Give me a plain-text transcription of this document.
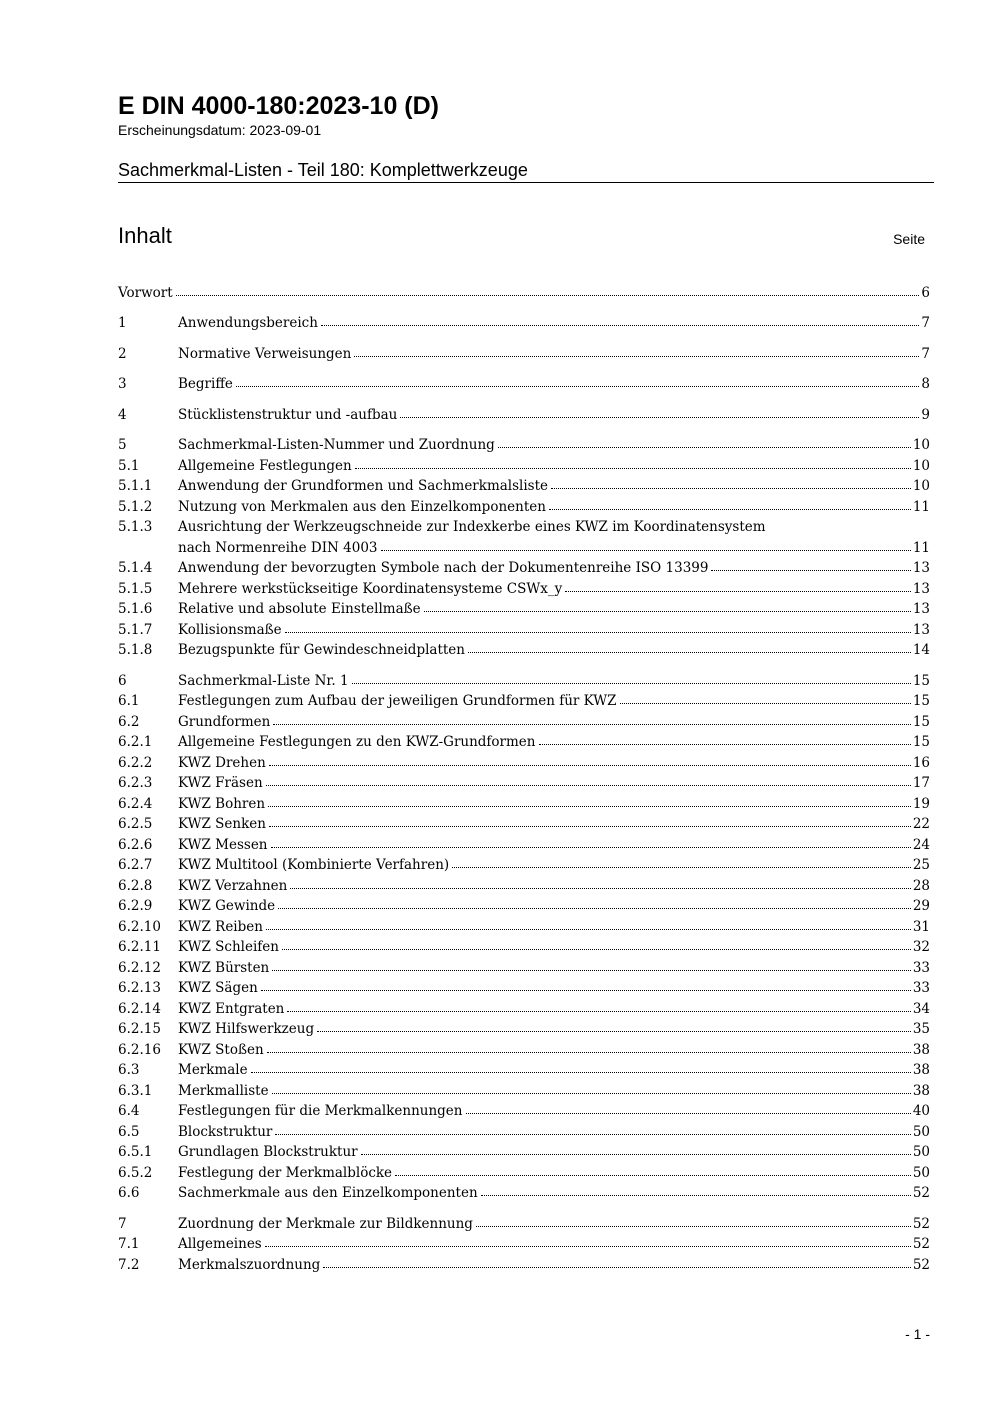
E DIN 4000-180:2023-10 (D)
Erscheinungsdatum: 2023-09-01
Sachmerkmal-Listen - Teil 180: Komplettwerkzeuge
Inhalt	Seite
Vorwort	6
1	Anwendungsbereich	7
2	Normative Verweisungen	7
3	Begriffe	8
4	Stücklistenstruktur und -aufbau	9
5	Sachmerkmal-Listen-Nummer und Zuordnung	10
5.1	Allgemeine Festlegungen	10
5.1.1	Anwendung der Grundformen und Sachmerkmalsliste	10
5.1.2	Nutzung von Merkmalen aus den Einzelkomponenten	11
5.1.3	Ausrichtung der Werkzeugschneide zur Indexkerbe eines KWZ im Koordinatensystem
nach Normenreihe DIN 4003	11
5.1.4	Anwendung der bevorzugten Symbole nach der Dokumentenreihe ISO 13399	13
5.1.5	Mehrere werkstückseitige Koordinatensysteme CSWx_y	13
5.1.6	Relative und absolute Einstellmaße	13
5.1.7	Kollisionsmaße	13
5.1.8	Bezugspunkte für Gewindeschneidplatten	14
6	Sachmerkmal-Liste Nr. 1	15
6.1	Festlegungen zum Aufbau der jeweiligen Grundformen für KWZ	15
6.2	Grundformen	15
6.2.1	Allgemeine Festlegungen zu den KWZ-Grundformen	15
6.2.2	KWZ Drehen	16
6.2.3	KWZ Fräsen	17
6.2.4	KWZ Bohren	19
6.2.5	KWZ Senken	22
6.2.6	KWZ Messen	24
6.2.7	KWZ Multitool (Kombinierte Verfahren)	25
6.2.8	KWZ Verzahnen	28
6.2.9	KWZ Gewinde	29
6.2.10	KWZ Reiben	31
6.2.11	KWZ Schleifen	32
6.2.12	KWZ Bürsten	33
6.2.13	KWZ Sägen	33
6.2.14	KWZ Entgraten	34
6.2.15	KWZ Hilfswerkzeug	35
6.2.16	KWZ Stoßen	38
6.3	Merkmale	38
6.3.1	Merkmalliste	38
6.4	Festlegungen für die Merkmalkennungen	40
6.5	Blockstruktur	50
6.5.1	Grundlagen Blockstruktur	50
6.5.2	Festlegung der Merkmalblöcke	50
6.6	Sachmerkmale aus den Einzelkomponenten	52
7	Zuordnung der Merkmale zur Bildkennung	52
7.1	Allgemeines	52
7.2	Merkmalszuordnung	52
- 1 -
